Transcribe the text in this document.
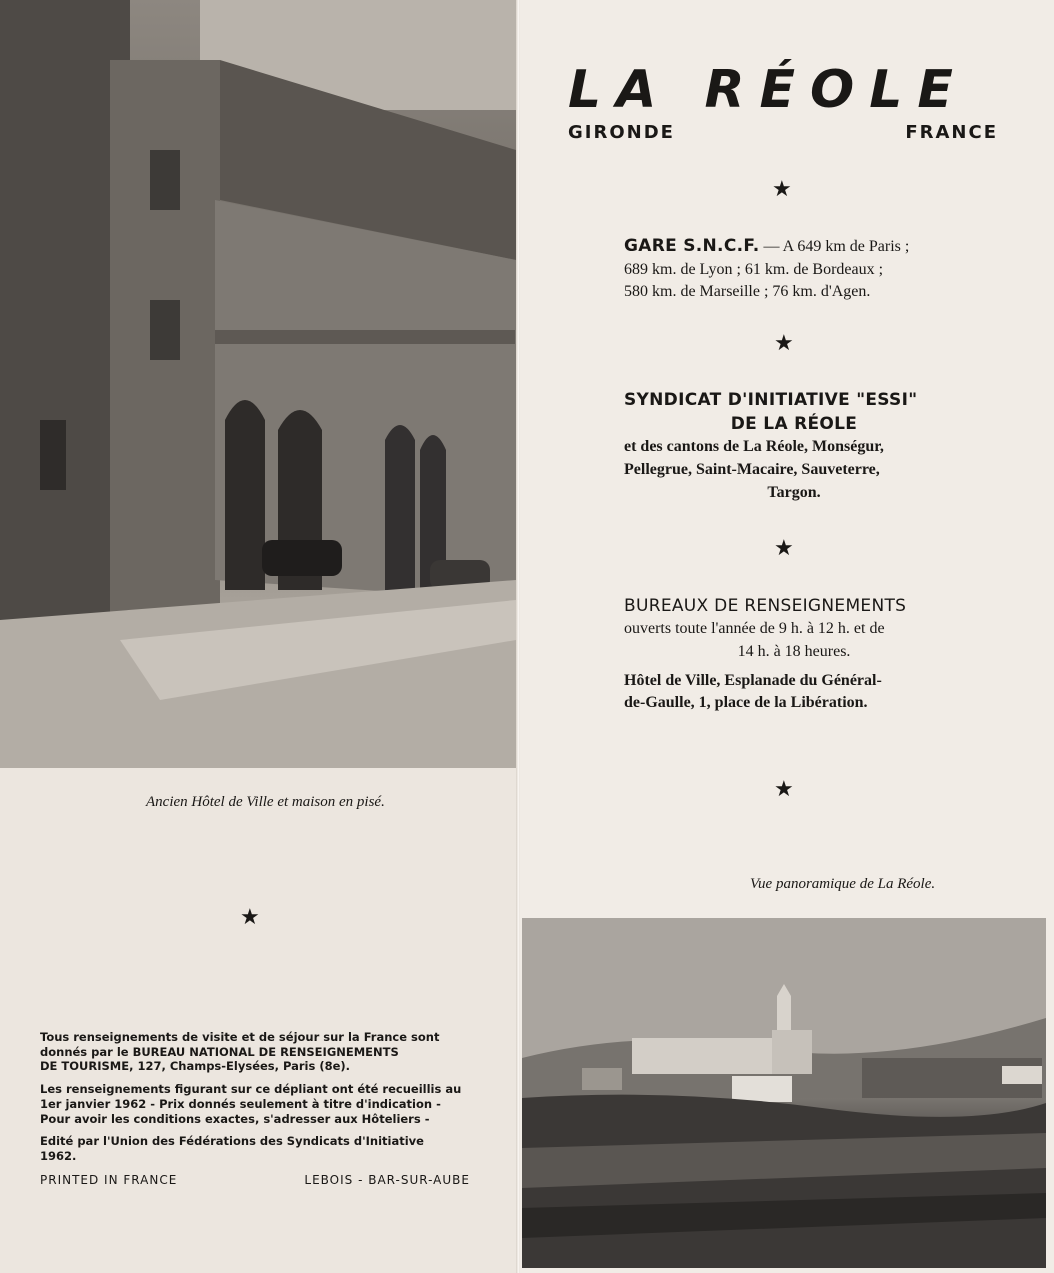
Ancien Hôtel de Ville et maison en pisé.
★

Tous renseignements de visite et de séjour sur la France sont
donnés par le BUREAU NATIONAL DE RENSEIGNEMENTS
DE TOURISME, 127, Champs-Elysées, Paris (8e).

Les renseignements figurant sur ce dépliant ont été recueillis au
1er janvier 1962 - Prix donnés seulement à titre d'indication -
Pour avoir les conditions exactes, s'adresser aux Hôteliers -

Edité par l'Union des Fédérations des Syndicats d'Initiative
1962.

PRINTED IN FRANCE	LEBOIS - BAR-SUR-AUBE
LA RÉOLE
GIRONDE	FRANCE
★
GARE S.N.C.F. — A 649 km de Paris ;
689 km. de Lyon ; 61 km. de Bordeaux ;
580 km. de Marseille ; 76 km. d'Agen.
★
SYNDICAT D'INITIATIVE "ESSI"
DE LA RÉOLE
et des cantons de La Réole, Monségur,
Pellegrue, Saint-Macaire, Sauveterre,
Targon.
★
BUREAUX DE RENSEIGNEMENTS
ouverts toute l'année de 9 h. à 12 h. et de
14 h. à 18 heures.
Hôtel de Ville, Esplanade du Général-
de-Gaulle, 1, place de la Libération.
★
Vue panoramique de La Réole.
